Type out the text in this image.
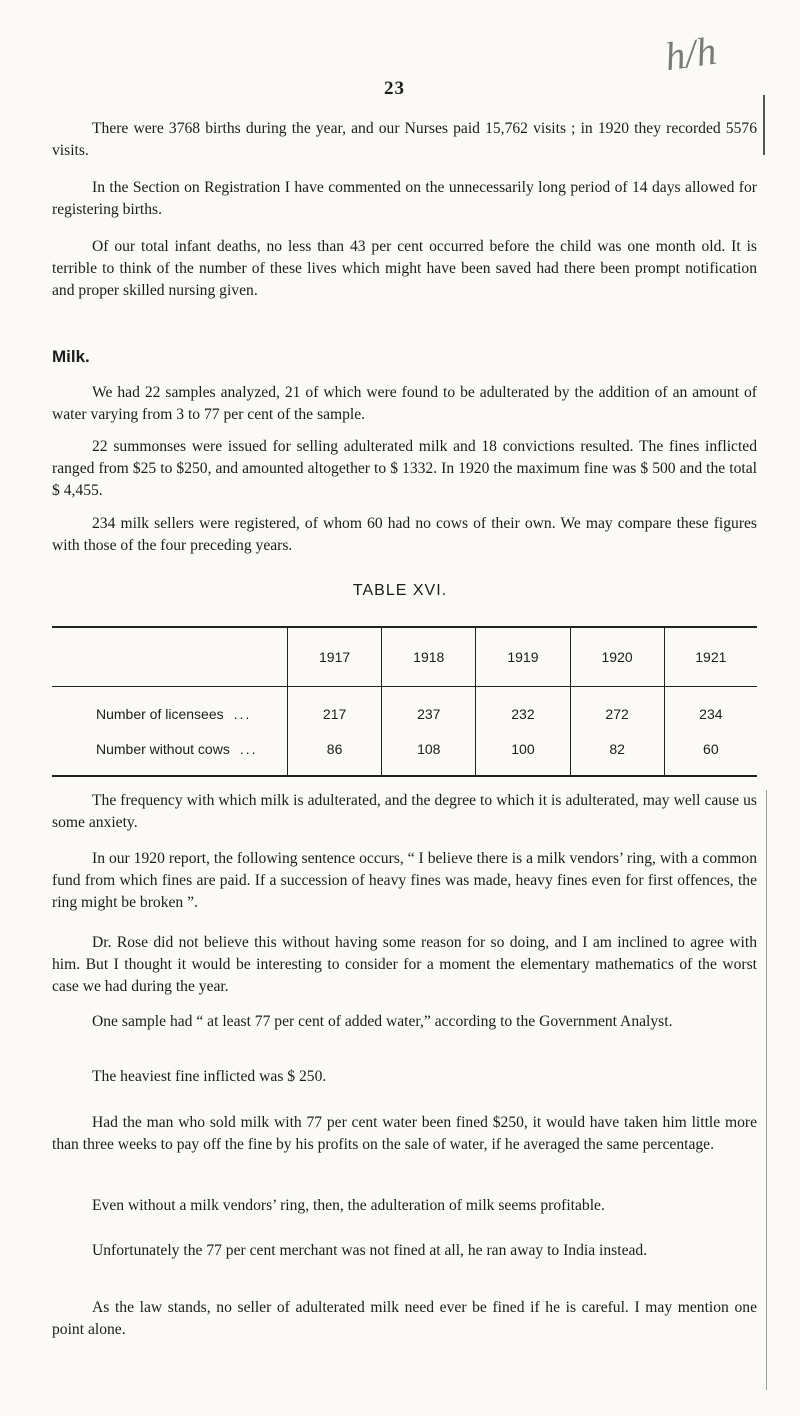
23
h/h
There were 3768 births during the year, and our Nurses paid 15,762 visits ; in 1920 they recorded 5576 visits.
In the Section on Registration I have commented on the unnecessarily long period of 14 days allowed for registering births.
Of our total infant deaths, no less than 43 per cent occurred before the child was one month old. It is terrible to think of the number of these lives which might have been saved had there been prompt notification and proper skilled nursing given.
Milk.
We had 22 samples analyzed, 21 of which were found to be adulterated by the addition of an amount of water varying from 3 to 77 per cent of the sample.
22 summonses were issued for selling adulterated milk and 18 convictions resulted. The fines inflicted ranged from $25 to $250, and amounted altogether to $ 1332. In 1920 the maximum fine was $ 500 and the total $ 4,455.
234 milk sellers were registered, of whom 60 had no cows of their own. We may compare these figures with those of the four preceding years.
TABLE XVI.
	1917	1918	1919	1920	1921
Number of licensees ...	217	237	232	272	234
Number without cows ...	86	108	100	82	60
The frequency with which milk is adulterated, and the degree to which it is adulterated, may well cause us some anxiety.
In our 1920 report, the following sentence occurs, “ I believe there is a milk vendors’ ring, with a common fund from which fines are paid. If a succession of heavy fines was made, heavy fines even for first offences, the ring might be broken ”.
Dr. Rose did not believe this without having some reason for so doing, and I am inclined to agree with him. But I thought it would be interesting to consider for a moment the elementary mathematics of the worst case we had during the year.
One sample had “ at least 77 per cent of added water,” according to the Government Analyst.
The heaviest fine inflicted was $ 250.
Had the man who sold milk with 77 per cent water been fined $250, it would have taken him little more than three weeks to pay off the fine by his profits on the sale of water, if he averaged the same percentage.
Even without a milk vendors’ ring, then, the adulteration of milk seems profitable.
Unfortunately the 77 per cent merchant was not fined at all, he ran away to India instead.
As the law stands, no seller of adulterated milk need ever be fined if he is careful. I may mention one point alone.
